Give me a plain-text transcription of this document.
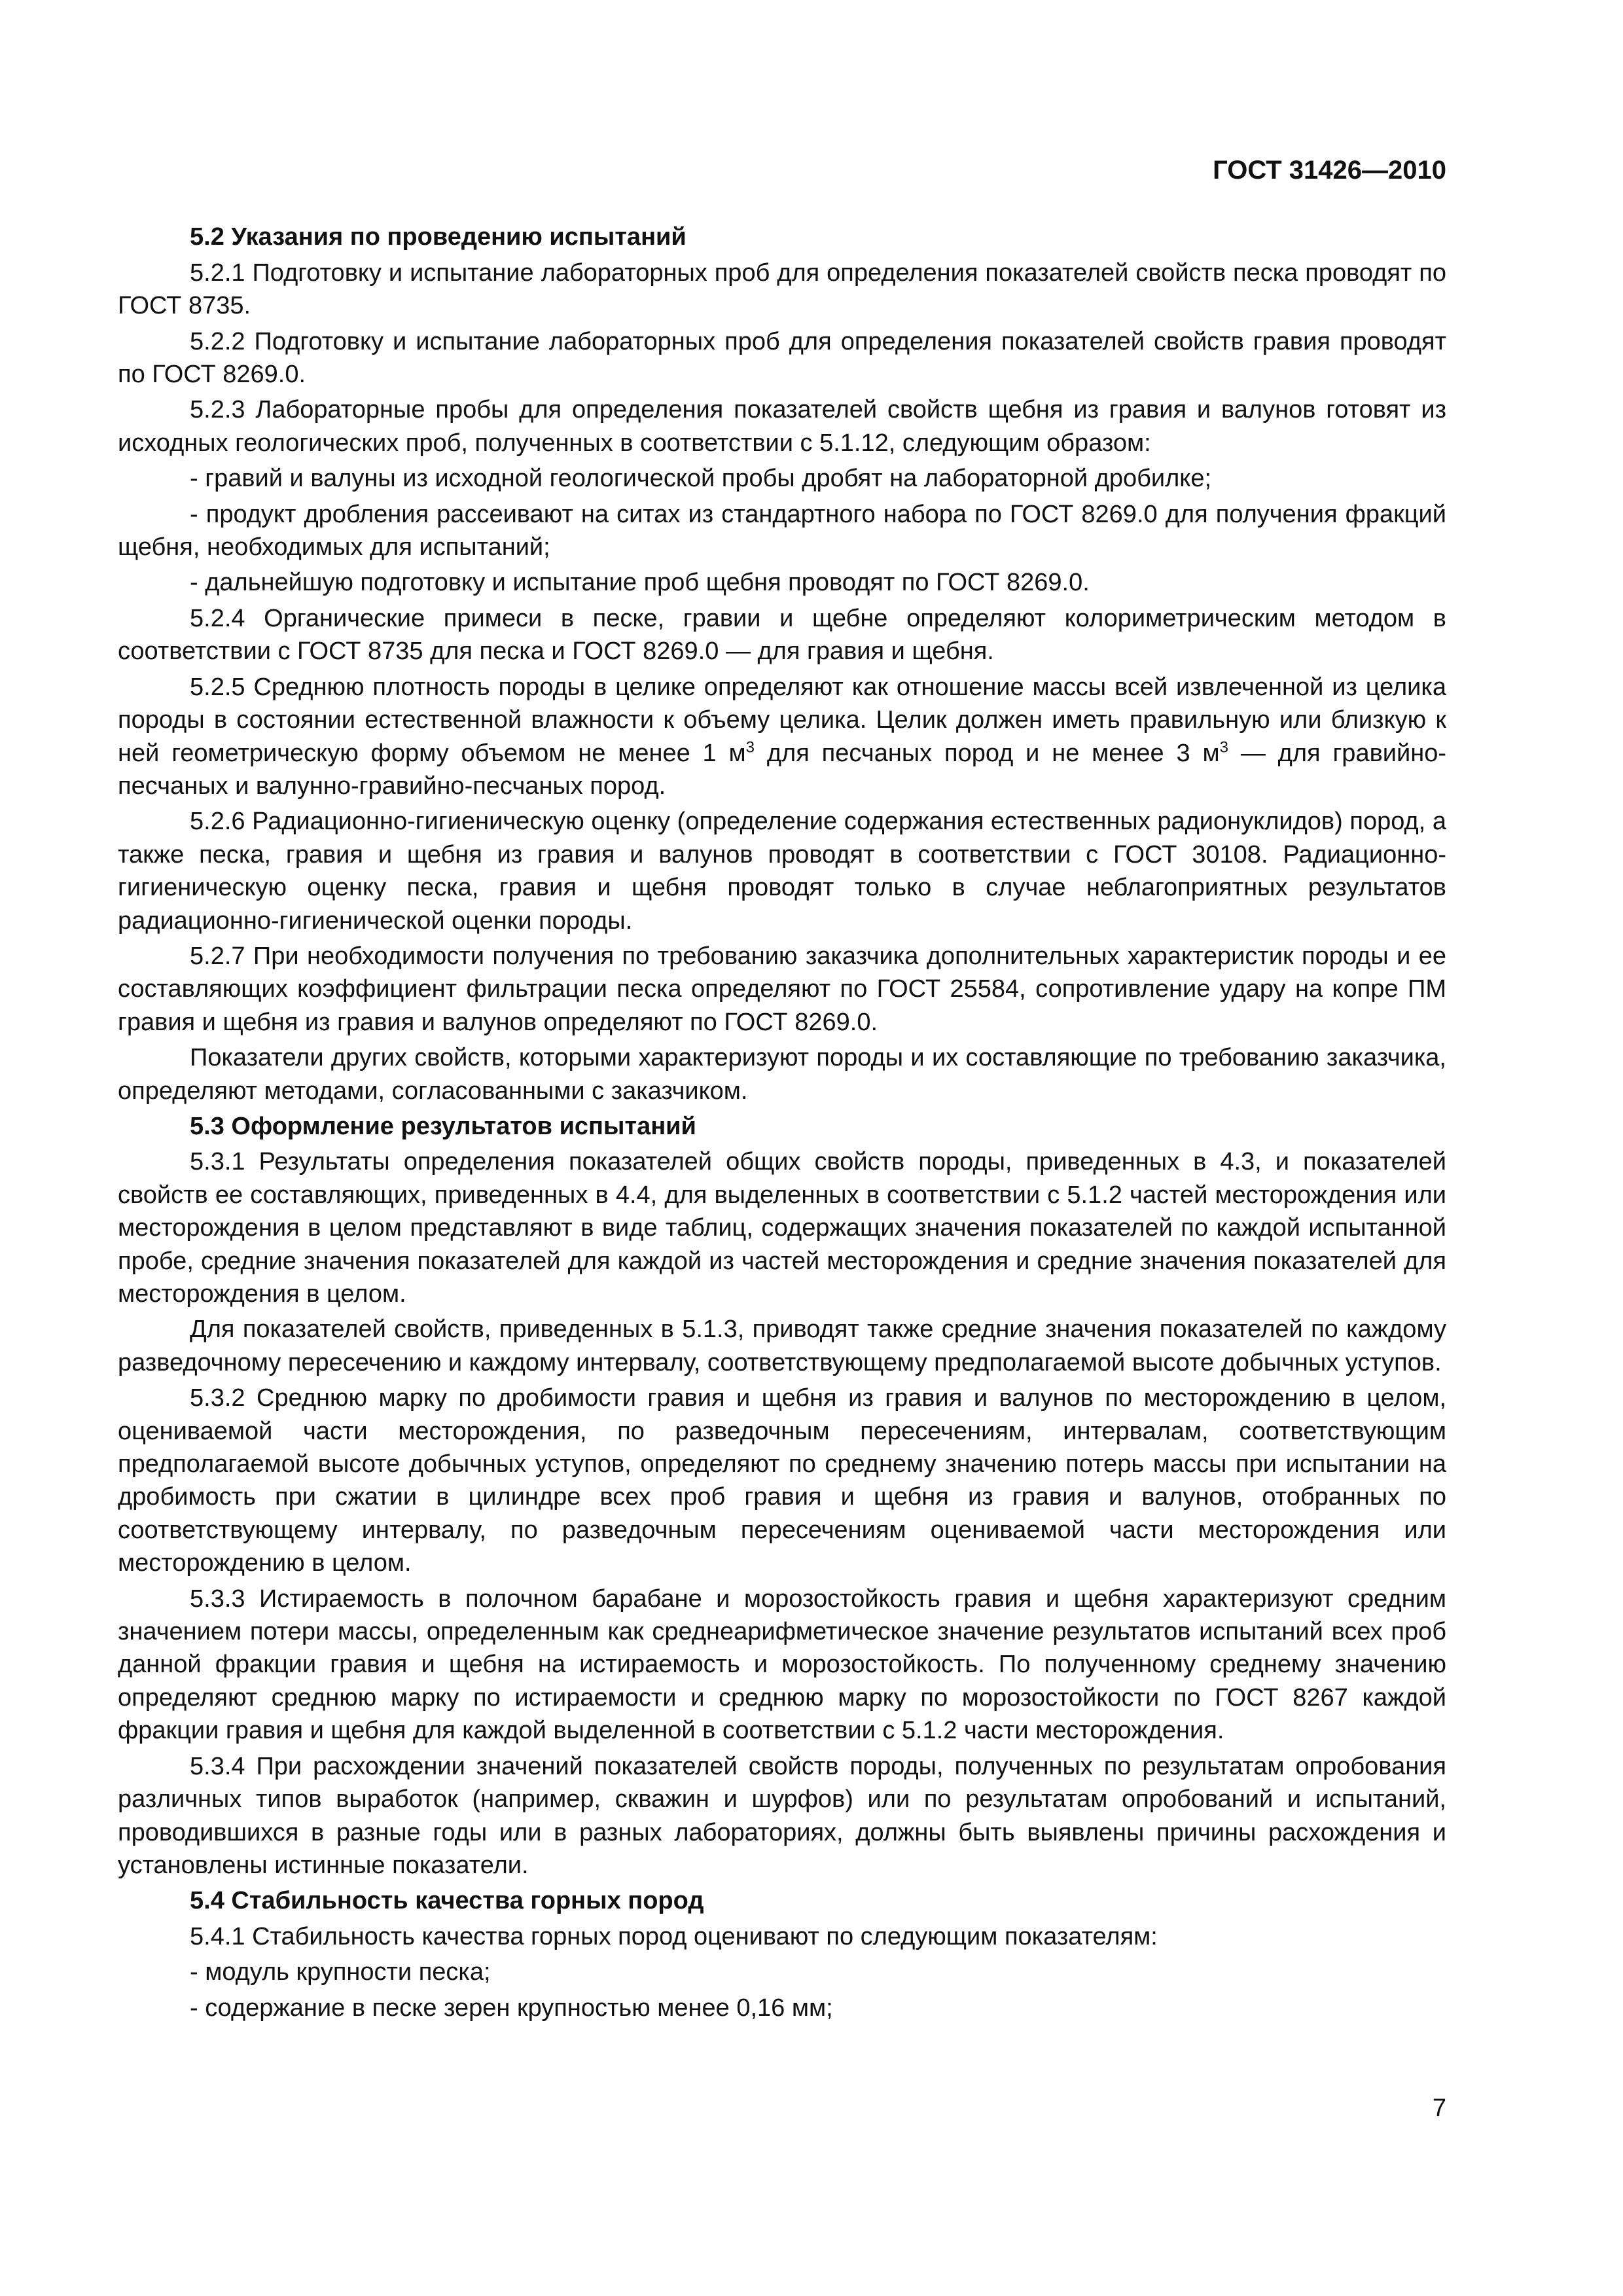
ГОСТ 31426—2010
5.2 Указания по проведению испытаний
5.2.1 Подготовку и испытание лабораторных проб для определения показателей свойств песка проводят по ГОСТ 8735.
5.2.2 Подготовку и испытание лабораторных проб для определения показателей свойств гравия проводят по ГОСТ 8269.0.
5.2.3 Лабораторные пробы для определения показателей свойств щебня из гравия и валунов готовят из исходных геологических проб, полученных в соответствии с 5.1.12, следующим образом:
- гравий и валуны из исходной геологической пробы дробят на лабораторной дробилке;
- продукт дробления рассеивают на ситах из стандартного набора по ГОСТ 8269.0 для получения фракций щебня, необходимых для испытаний;
- дальнейшую подготовку и испытание проб щебня проводят по ГОСТ 8269.0.
5.2.4 Органические примеси в песке, гравии и щебне определяют колориметрическим методом в соответствии с ГОСТ 8735 для песка и ГОСТ 8269.0 — для гравия и щебня.
5.2.5 Среднюю плотность породы в целике определяют как отношение массы всей извлеченной из целика породы в состоянии естественной влажности к объему целика. Целик должен иметь правильную или близкую к ней геометрическую форму объемом не менее 1 $м^3$ для песчаных пород и не менее 3 $м^3$ — для гравийно-песчаных и валунно-гравийно-песчаных пород.
5.2.6 Радиационно-гигиеническую оценку (определение содержания естественных радионуклидов) пород, а также песка, гравия и щебня из гравия и валунов проводят в соответствии с ГОСТ 30108. Радиационно-гигиеническую оценку песка, гравия и щебня проводят только в случае неблагоприятных результатов радиационно-гигиенической оценки породы.
5.2.7 При необходимости получения по требованию заказчика дополнительных характеристик породы и ее составляющих коэффициент фильтрации песка определяют по ГОСТ 25584, сопротивление удару на копре ПМ гравия и щебня из гравия и валунов определяют по ГОСТ 8269.0.
Показатели других свойств, которыми характеризуют породы и их составляющие по требованию заказчика, определяют методами, согласованными с заказчиком.
5.3 Оформление результатов испытаний
5.3.1 Результаты определения показателей общих свойств породы, приведенных в 4.3, и показателей свойств ее составляющих, приведенных в 4.4, для выделенных в соответствии с 5.1.2 частей месторождения или месторождения в целом представляют в виде таблиц, содержащих значения показателей по каждой испытанной пробе, средние значения показателей для каждой из частей месторождения и средние значения показателей для месторождения в целом.
Для показателей свойств, приведенных в 5.1.3, приводят также средние значения показателей по каждому разведочному пересечению и каждому интервалу, соответствующему предполагаемой высоте добычных уступов.
5.3.2 Среднюю марку по дробимости гравия и щебня из гравия и валунов по месторождению в целом, оцениваемой части месторождения, по разведочным пересечениям, интервалам, соответствующим предполагаемой высоте добычных уступов, определяют по среднему значению потерь массы при испытании на дробимость при сжатии в цилиндре всех проб гравия и щебня из гравия и валунов, отобранных по соответствующему интервалу, по разведочным пересечениям оцениваемой части месторождения или месторождению в целом.
5.3.3 Истираемость в полочном барабане и морозостойкость гравия и щебня характеризуют средним значением потери массы, определенным как среднеарифметическое значение результатов испытаний всех проб данной фракции гравия и щебня на истираемость и морозостойкость. По полученному среднему значению определяют среднюю марку по истираемости и среднюю марку по морозостойкости по ГОСТ 8267 каждой фракции гравия и щебня для каждой выделенной в соответствии с 5.1.2 части месторождения.
5.3.4 При расхождении значений показателей свойств породы, полученных по результатам опробования различных типов выработок (например, скважин и шурфов) или по результатам опробований и испытаний, проводившихся в разные годы или в разных лабораториях, должны быть выявлены причины расхождения и установлены истинные показатели.
5.4 Стабильность качества горных пород
5.4.1 Стабильность качества горных пород оценивают по следующим показателям:
- модуль крупности песка;
- содержание в песке зерен крупностью менее 0,16 мм;
7
